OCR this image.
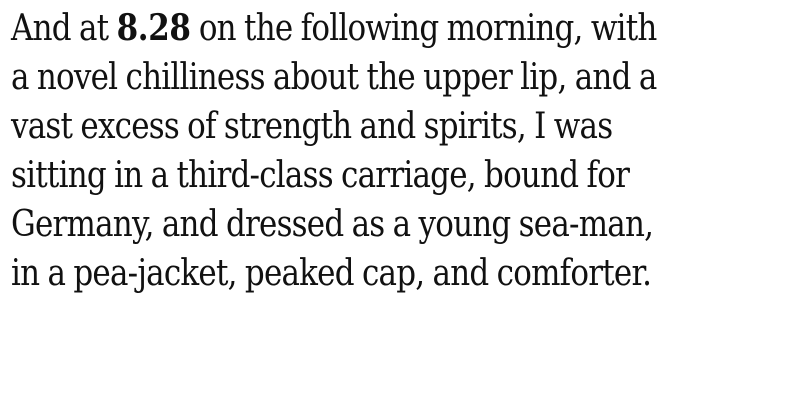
And at 8.28 on the following morning, with
a novel chilliness about the upper lip, and a
vast excess of strength and spirits, I was
sitting in a third-class carriage, bound for
Germany, and dressed as a young sea-man,
in a pea-jacket, peaked cap, and comforter.
